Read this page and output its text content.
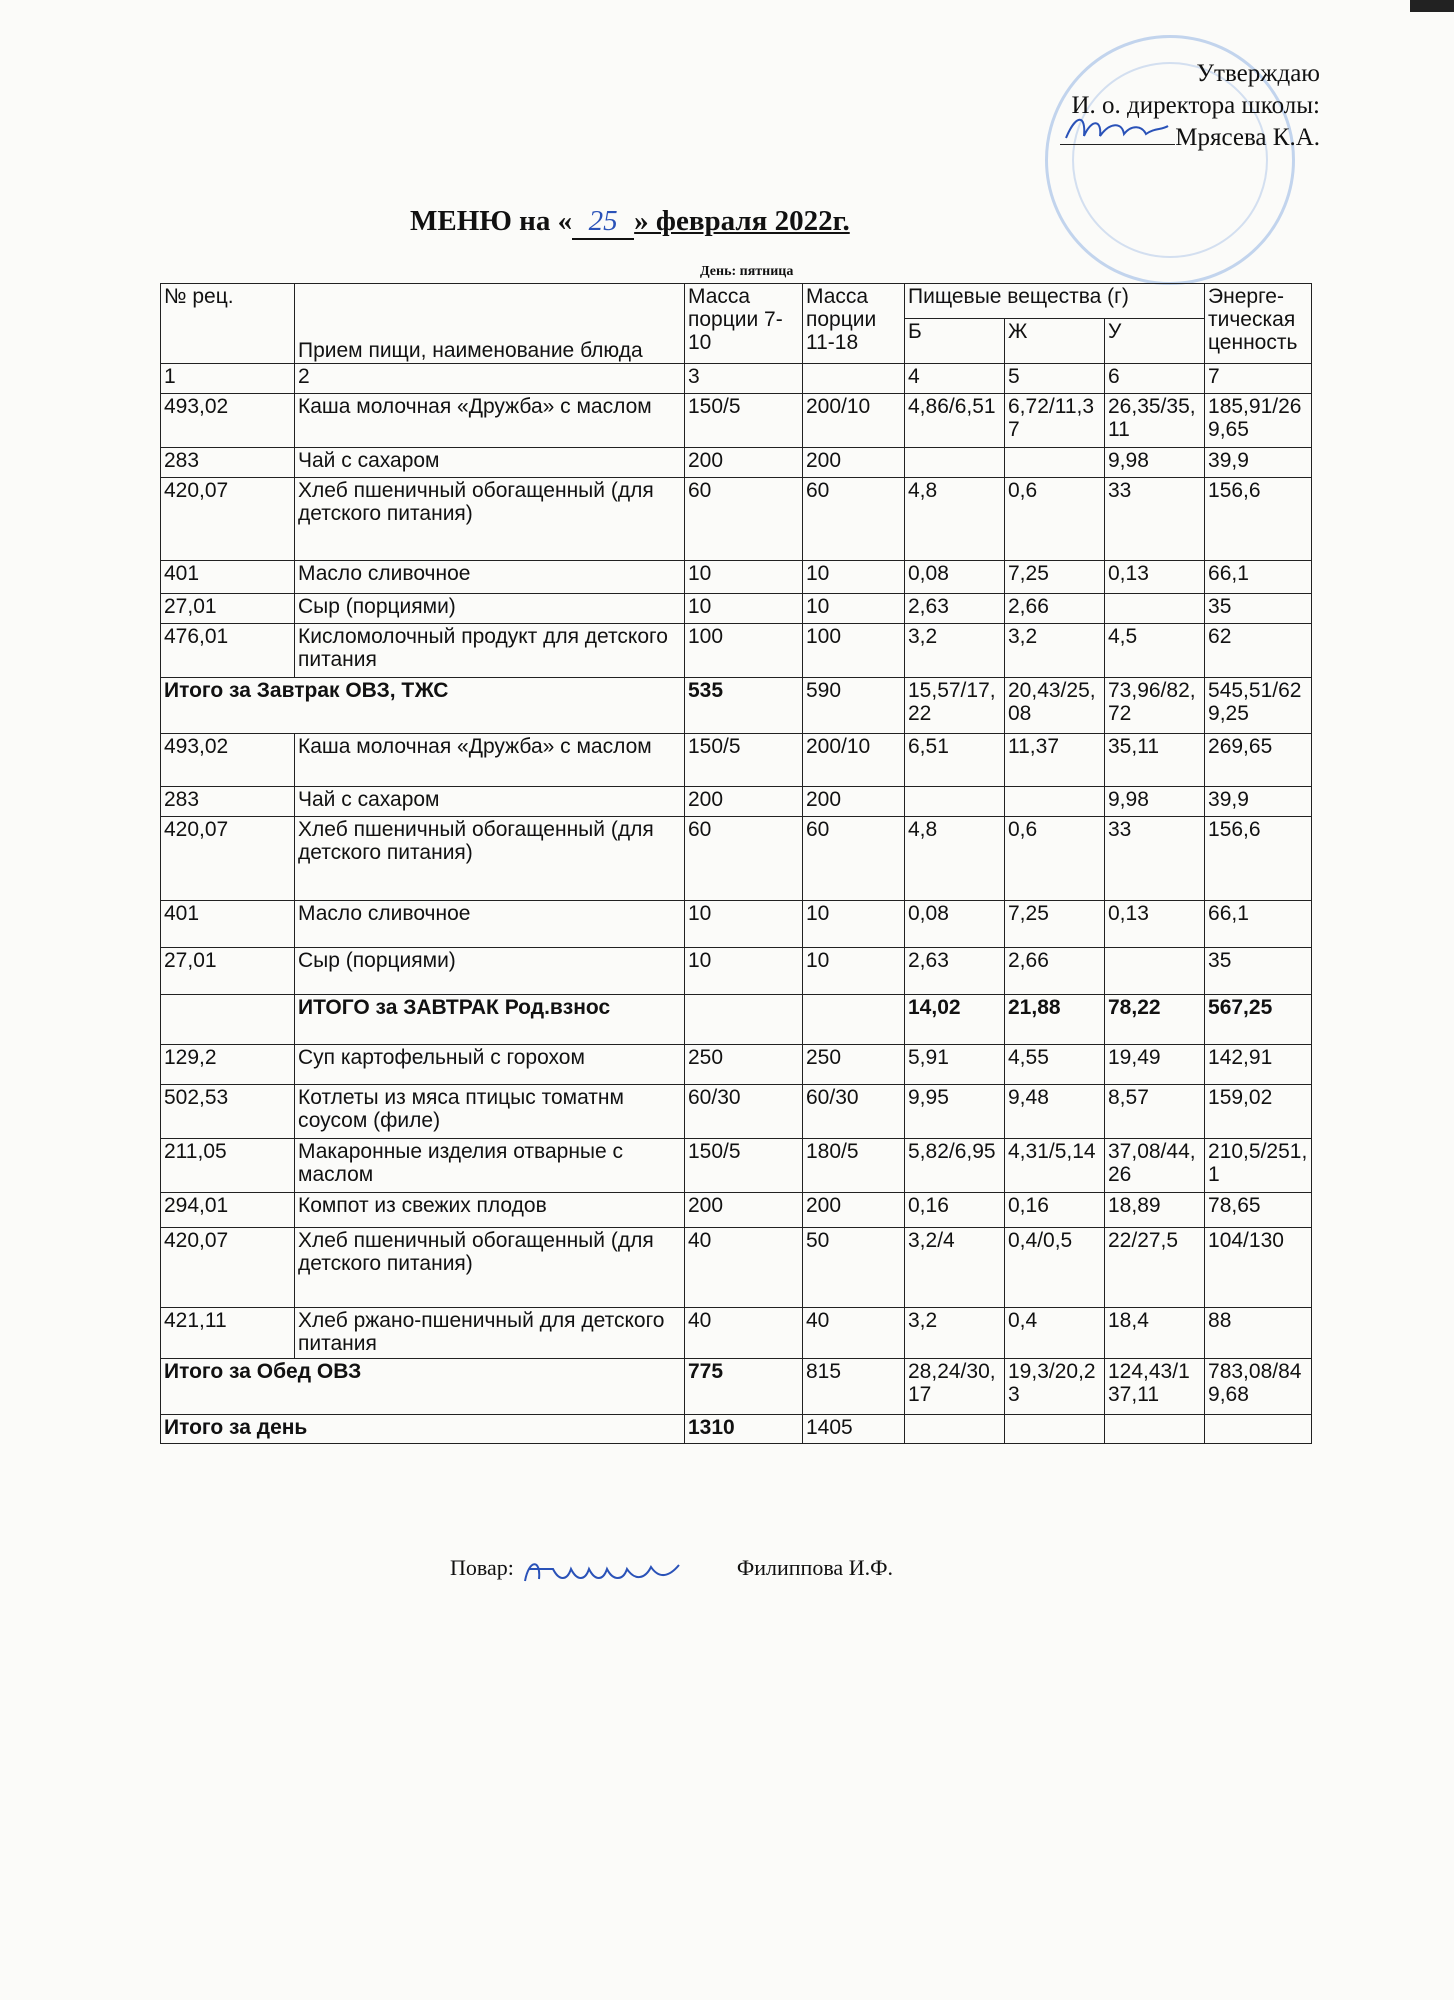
Утверждаю
И. о. директора школы:
Мрясева К.А.
МЕНЮ на « 25 » февраля 2022г.
День: пятница
№ рец.	Прием пищи, наименование блюда	Масса порции 7-10	Масса порции 11-18	Пищевые вещества (г)			Энерге-тическая ценность
				Б	Ж	У	
1	2	3		4	5	6	7
493,02	Каша молочная «Дружба» с маслом	150/5	200/10	4,86/6,51	6,72/11,37	26,35/35,11	185,91/269,65
283	Чай с сахаром	200	200			9,98	39,9
420,07	Хлеб пшеничный обогащенный (для детского питания)	60	60	4,8	0,6	33	156,6
401	Масло сливочное	10	10	0,08	7,25	0,13	66,1
27,01	Сыр (порциями)	10	10	2,63	2,66		35
476,01	Кисломолочный продукт для детского питания	100	100	3,2	3,2	4,5	62
Итого за Завтрак ОВЗ, ТЖС		535	590	15,57/17,22	20,43/25,08	73,96/82,72	545,51/629,25
493,02	Каша молочная «Дружба» с маслом	150/5	200/10	6,51	11,37	35,11	269,65
283	Чай с сахаром	200	200			9,98	39,9
420,07	Хлеб пшеничный обогащенный (для детского питания)	60	60	4,8	0,6	33	156,6
401	Масло сливочное	10	10	0,08	7,25	0,13	66,1
27,01	Сыр (порциями)	10	10	2,63	2,66		35
	ИТОГО за ЗАВТРАК Род.взнос			14,02	21,88	78,22	567,25
129,2	Суп картофельный с горохом	250	250	5,91	4,55	19,49	142,91
502,53	Котлеты из мяса птицыс томатнм соусом (филе)	60/30	60/30	9,95	9,48	8,57	159,02
211,05	Макаронные изделия отварные с маслом	150/5	180/5	5,82/6,95	4,31/5,14	37,08/44,26	210,5/251,1
294,01	Компот из свежих плодов	200	200	0,16	0,16	18,89	78,65
420,07	Хлеб пшеничный обогащенный (для детского питания)	40	50	3,2/4	0,4/0,5	22/27,5	104/130
421,11	Хлеб ржано-пшеничный для детского питания	40	40	3,2	0,4	18,4	88
Итого за Обед ОВЗ		775	815	28,24/30,17	19,3/20,23	124,43/137,11	783,08/849,68
Итого за день		1310	1405				
Повар:	Филиппова И.Ф.
